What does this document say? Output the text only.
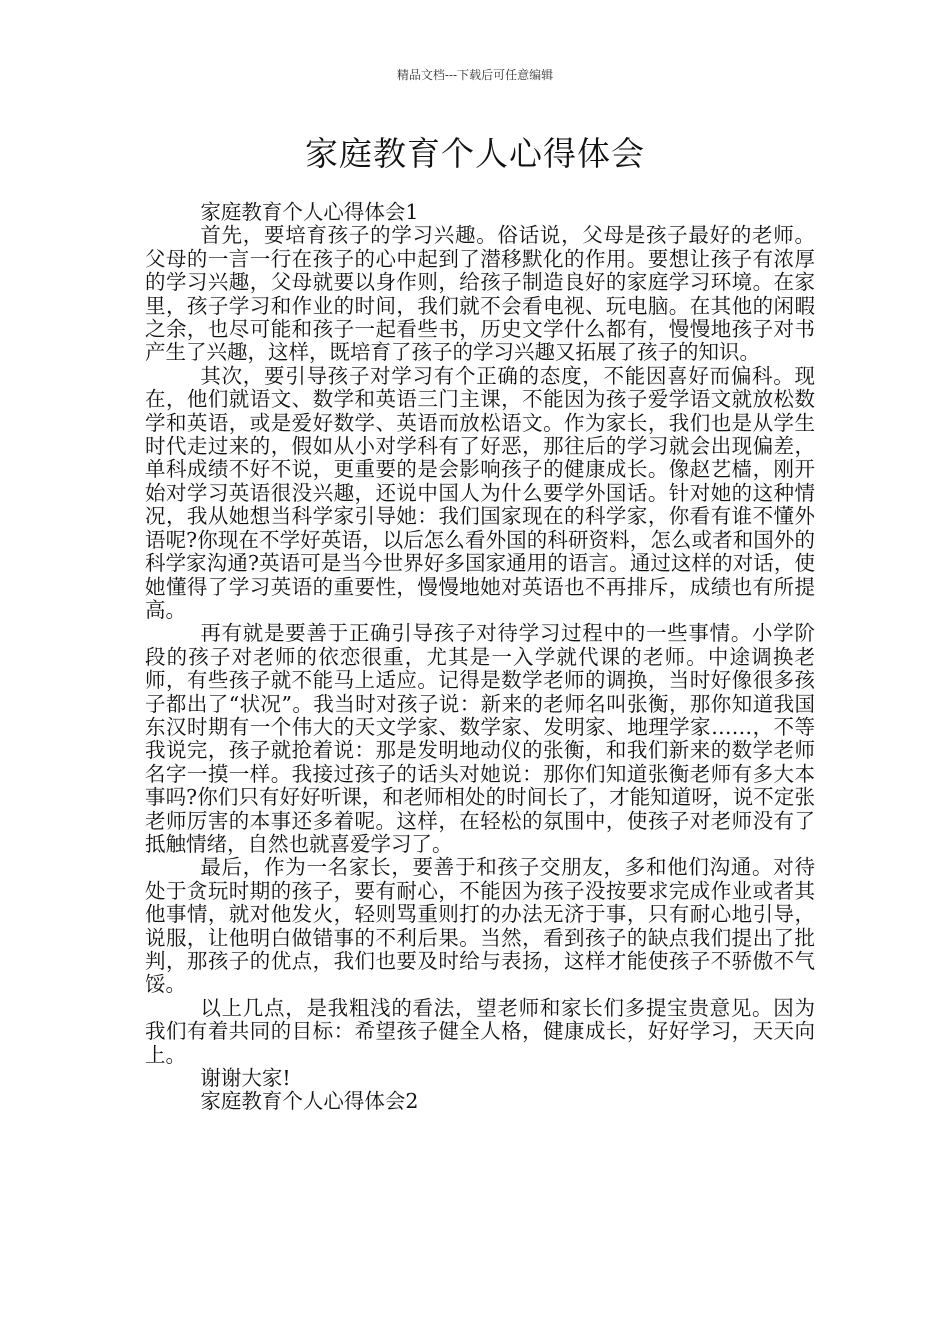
精品文档---下载后可任意编辑
家庭教育个人心得体会

家庭教育个人心得体会1

首先，要培育孩子的学习兴趣。俗话说，父母是孩子最好的老师。父母的一言一行在孩子的心中起到了潜移默化的作用。要想让孩子有浓厚的学习兴趣，父母就要以身作则，给孩子制造良好的家庭学习环境。在家里，孩子学习和作业的时间，我们就不会看电视、玩电脑。在其他的闲暇之余，也尽可能和孩子一起看些书，历史文学什么都有，慢慢地孩子对书产生了兴趣，这样，既培育了孩子的学习兴趣又拓展了孩子的知识。

其次，要引导孩子对学习有个正确的态度，不能因喜好而偏科。现在，他们就语文、数学和英语三门主课，不能因为孩子爱学语文就放松数学和英语，或是爱好数学、英语而放松语文。作为家长，我们也是从学生时代走过来的，假如从小对学科有了好恶，那往后的学习就会出现偏差，单科成绩不好不说，更重要的是会影响孩子的健康成长。像赵艺樯，刚开始对学习英语很没兴趣，还说中国人为什么要学外国话。针对她的这种情况，我从她想当科学家引导她：我们国家现在的科学家，你看有谁不懂外语呢?你现在不学好英语，以后怎么看外国的科研资料，怎么或者和国外的科学家沟通?英语可是当今世界好多国家通用的语言。通过这样的对话，使她懂得了学习英语的重要性，慢慢地她对英语也不再排斥，成绩也有所提高。

再有就是要善于正确引导孩子对待学习过程中的一些事情。小学阶段的孩子对老师的依恋很重，尤其是一入学就代课的老师。中途调换老师，有些孩子就不能马上适应。记得是数学老师的调换，当时好像很多孩子都出了“状况”。我当时对孩子说：新来的老师名叫张衡，那你知道我国东汉时期有一个伟大的天文学家、数学家、发明家、地理学家……，不等我说完，孩子就抢着说：那是发明地动仪的张衡，和我们新来的数学老师名字一摸一样。我接过孩子的话头对她说：那你们知道张衡老师有多大本事吗?你们只有好好听课，和老师相处的时间长了，才能知道呀，说不定张老师厉害的本事还多着呢。这样，在轻松的氛围中，使孩子对老师没有了抵触情绪，自然也就喜爱学习了。

最后，作为一名家长，要善于和孩子交朋友，多和他们沟通。对待处于贪玩时期的孩子，要有耐心，不能因为孩子没按要求完成作业或者其他事情，就对他发火，轻则骂重则打的办法无济于事，只有耐心地引导，说服，让他明白做错事的不利后果。当然，看到孩子的缺点我们提出了批判，那孩子的优点，我们也要及时给与表扬，这样才能使孩子不骄傲不气馁。

以上几点，是我粗浅的看法，望老师和家长们多提宝贵意见。因为我们有着共同的目标：希望孩子健全人格，健康成长，好好学习，天天向上。

谢谢大家!

家庭教育个人心得体会2
